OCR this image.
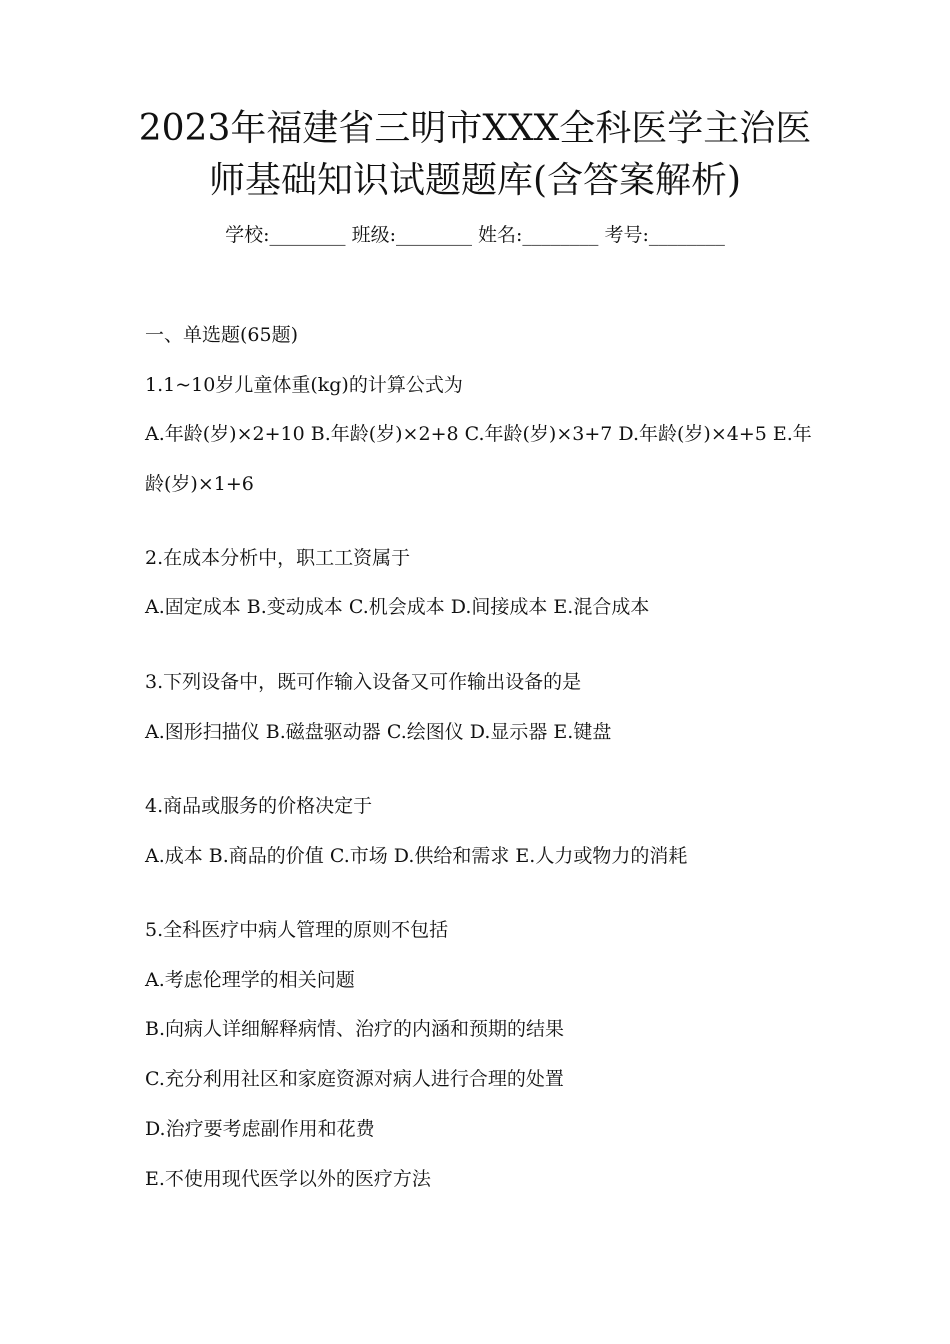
2023年福建省三明市XXX全科医学主治医
师基础知识试题题库(含答案解析)
学校:________ 班级:________ 姓名:________ 考号:________
一、单选题(65题)
1.1~10岁儿童体重(kg)的计算公式为
A.年龄(岁)×2+10 B.年龄(岁)×2+8 C.年龄(岁)×3+7 D.年龄(岁)×4+5 E.年
龄(岁)×1+6
2.在成本分析中，职工工资属于
A.固定成本 B.变动成本 C.机会成本 D.间接成本 E.混合成本
3.下列设备中，既可作输入设备又可作输出设备的是
A.图形扫描仪 B.磁盘驱动器 C.绘图仪 D.显示器 E.键盘
4.商品或服务的价格决定于
A.成本 B.商品的价值 C.市场 D.供给和需求 E.人力或物力的消耗
5.全科医疗中病人管理的原则不包括
A.考虑伦理学的相关问题
B.向病人详细解释病情、治疗的内涵和预期的结果
C.充分利用社区和家庭资源对病人进行合理的处置
D.治疗要考虑副作用和花费
E.不使用现代医学以外的医疗方法
